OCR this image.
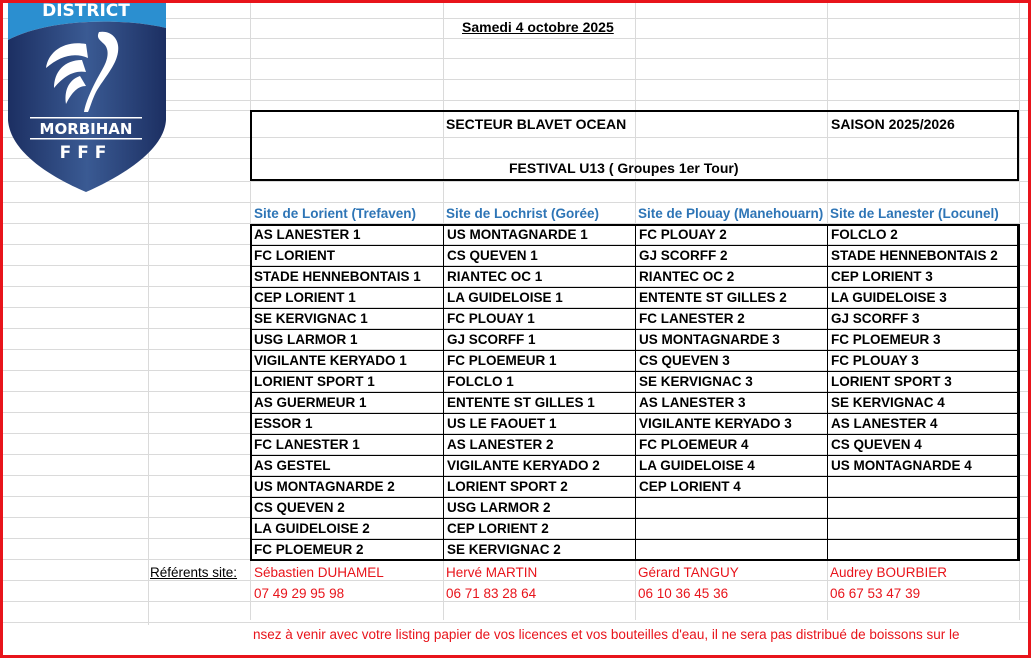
DISTRICT
MORBIHAN
FFF
Samedi 4 octobre 2025
SECTEUR BLAVET OCEAN	SAISON 2025/2026
FESTIVAL U13 ( Groupes 1er Tour)
Site de Lorient (Trefaven)	Site de Lochrist (Gorée)	Site de Plouay (Manehouarn) Site de Lanester (Locunel)
AS LANESTER 1	US MONTAGNARDE 1	FC PLOUAY 2	FOLCLO 2
FC LORIENT	CS QUEVEN 1	GJ SCORFF 2	STADE HENNEBONTAIS 2
STADE HENNEBONTAIS 1	RIANTEC OC 1	RIANTEC OC 2	CEP LORIENT 3
CEP LORIENT 1	LA GUIDELOISE 1	ENTENTE ST GILLES 2	LA GUIDELOISE 3
SE KERVIGNAC 1	FC PLOUAY 1	FC LANESTER 2	GJ SCORFF 3
USG LARMOR 1	GJ SCORFF 1	US MONTAGNARDE 3	FC PLOEMEUR 3
VIGILANTE KERYADO 1	FC PLOEMEUR 1	CS QUEVEN 3	FC PLOUAY 3
LORIENT SPORT 1	FOLCLO 1	SE KERVIGNAC 3	LORIENT SPORT 3
AS GUERMEUR 1	ENTENTE ST GILLES 1	AS LANESTER 3	SE KERVIGNAC 4
ESSOR 1	US LE FAOUET 1	VIGILANTE KERYADO 3	AS LANESTER 4
FC LANESTER 1	AS LANESTER 2	FC PLOEMEUR 4	CS QUEVEN 4
AS GESTEL	VIGILANTE KERYADO 2	LA GUIDELOISE 4	US MONTAGNARDE 4
US MONTAGNARDE 2	LORIENT SPORT 2	CEP LORIENT 4	
CS QUEVEN 2	USG LARMOR 2		
LA GUIDELOISE 2	CEP LORIENT 2		
FC PLOEMEUR 2	SE KERVIGNAC 2		
Référents site: Sébastien DUHAMEL	Hervé MARTIN	Gérard TANGUY	Audrey BOURBIER
07 49 29 95 98	06 71 83 28 64	06 10 36 45 36	06 67 53 47 39
nsez à venir avec votre listing papier de vos licences et vos bouteilles d'eau, il ne sera pas distribué de boissons sur le
